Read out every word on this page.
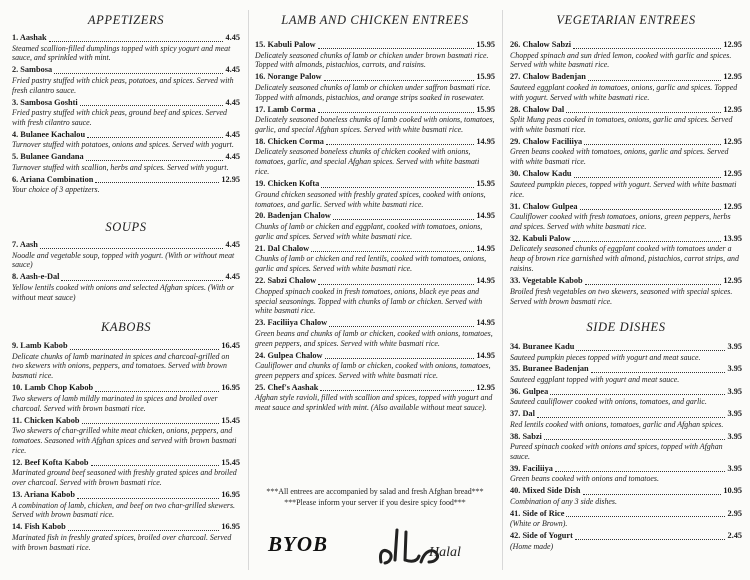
APPETIZERS
1. Aashak	4.45
Steamed scallion-filled dumplings topped with spicy yogurt and meat sauce, and sprinkled with mint.
2. Sambosa	4.45
Fried pastry stuffed with chick peas, potatoes, and spices. Served with fresh cilantro sauce.
3. Sambosa Goshti	4.45
Fried pastry stuffed with chick peas, ground beef and spices. Served with fresh cilantro sauce.
4. Bulanee Kachalou	4.45
Turnover stuffed with potatoes, onions and spices. Served with yogurt.
5. Bulanee Gandana	4.45
Turnover stuffed with scallion, herbs and spices. Served with yogurt.
6. Ariana Combination	12.95
Your choice of 3 appetizers.
SOUPS
7. Aash	4.45
Noodle and vegetable soup, topped with yogurt. (With or without meat sauce)
8. Aash-e-Dal	4.45
Yellow lentils cooked with onions and selected Afghan spices. (With or without meat sauce)
KABOBS
9. Lamb Kabob	16.45
Delicate chunks of lamb marinated in spices and charcoal-grilled on two skewers with onions, peppers, and tomatoes. Served with brown basmati rice.
10. Lamb Chop Kabob	16.95
Two skewers of lamb mildly marinated in spices and broiled over charcoal. Served with brown basmati rice.
11. Chicken Kabob	15.45
Two skewers of char-grilled white meat chicken, onions, peppers, and tomatoes. Seasoned with Afghan spices and served with brown basmati rice.
12. Beef Kofta Kabob	15.45
Marinated ground beef seasoned with freshly grated spices and broiled over charcoal. Served with brown basmati rice.
13. Ariana Kabob	16.95
A combination of lamb, chicken, and beef on two char-grilled skewers. Served with brown basmati rice.
14. Fish Kabob	16.95
Marinated fish in freshly grated spices, broiled over charcoal. Served with brown basmati rice.
LAMB AND CHICKEN ENTREES
15. Kabuli Palow	15.95
Delicately seasoned chunks of lamb or chicken under brown basmati rice. Topped with almonds, pistachios, carrots, and raisins.
16. Norange Palow	15.95
Delicately seasoned chunks of lamb or chicken under saffron basmati rice. Topped with almonds, pistachios, and orange strips soaked in rosewater.
17. Lamb Corma	15.95
Delicately seasoned boneless chunks of lamb cooked with onions, tomatoes, garlic, and special Afghan spices. Served with white basmati rice.
18. Chicken Corma	14.95
Delicately seasoned boneless chunks of chicken cooked with onions, tomatoes, garlic, and special Afghan spices. Served with white basmati rice.
19. Chicken Kofta	15.95
Ground chicken seasoned with freshly grated spices, cooked with onions, tomatoes, and garlic. Served with white basmati rice.
20. Badenjan Chalow	14.95
Chunks of lamb or chicken and eggplant, cooked with tomatoes, onions, garlic and spices. Served with white basmati rice.
21. Dal Chalow	14.95
Chunks of lamb or chicken and red lentils, cooked with tomatoes, onions, garlic and spices. Served with white basmati rice.
22. Sabzi Chalow	14.95
Chopped spinach cooked in fresh tomatoes, onions, black eye peas and special seasonings. Topped with chunks of lamb or chicken. Served with white basmati rice.
23. Faciliiya Chalow	14.95
Green beans and chunks of lamb or chicken, cooked with onions, tomatoes, green peppers, and spices. Served with white basmati rice.
24. Gulpea Chalow	14.95
Cauliflower and chunks of lamb or chicken, cooked with onions, tomatoes, green peppers and spices. Served with white basmati rice.
25. Chef's Aashak	12.95
Afghan style ravioli, filled with scallion and spices, topped with yogurt and meat sauce and sprinkled with mint. (Also available without meat sauce).
***All entrees are accompanied by salad and fresh Afghan bread***
***Please inform your server if you desire spicy food***
VEGETARIAN ENTREES
26. Chalow Sabzi	12.95
Chopped spinach and sun dried lemon, cooked with garlic and spices. Served with white basmati rice.
27. Chalow Badenjan	12.95
Sauteed eggplant cooked in tomatoes, onions, garlic and spices. Topped with yogurt. Served with white basmati rice.
28. Chalow Dal	12.95
Split Mung peas cooked in tomatoes, onions, garlic and spices. Served with white basmati rice.
29. Chalow Faciliiya	12.95
Green beans cooked with tomatoes, onions, garlic and spices. Served with white basmati rice.
30. Chalow Kadu	12.95
Sauteed pumpkin pieces, topped with yogurt. Served with white basmati rice.
31. Chalow Gulpea	12.95
Cauliflower cooked with fresh tomatoes, onions, green peppers, herbs and spices. Served with white basmati rice.
32. Kabuli Palow	13.95
Delicately seasoned chunks of eggplant cooked with tomatoes under a heap of brown rice garnished with almond, pistachios, carrot strips, and raisins.
33. Vegetable Kabob	12.95
Broiled fresh vegetables on two skewers, seasoned with special spices. Served with brown basmati rice.
SIDE DISHES
34. Buranee Kadu	3.95
Sauteed pumpkin pieces topped with yogurt and meat sauce.
35. Buranee Badenjan	3.95
Sauteed eggplant topped with yogurt and meat sauce.
36. Gulpea	3.95
Sauteed cauliflower cooked with onions, tomatoes, and garlic.
37. Dal	3.95
Red lentils cooked with onions, tomatoes, garlic and Afghan spices.
38. Sabzi	3.95
Pureed spinach cooked with onions and spices, topped with Afghan sauce.
39. Faciliiya	3.95
Green beans cooked with onions and tomatoes.
40. Mixed Side Dish	10.95
Combination of any 3 side dishes.
41. Side of Rice	2.95
(White or Brown).
42. Side of Yogurt	2.45
(Home made)
BYOB	Halal
